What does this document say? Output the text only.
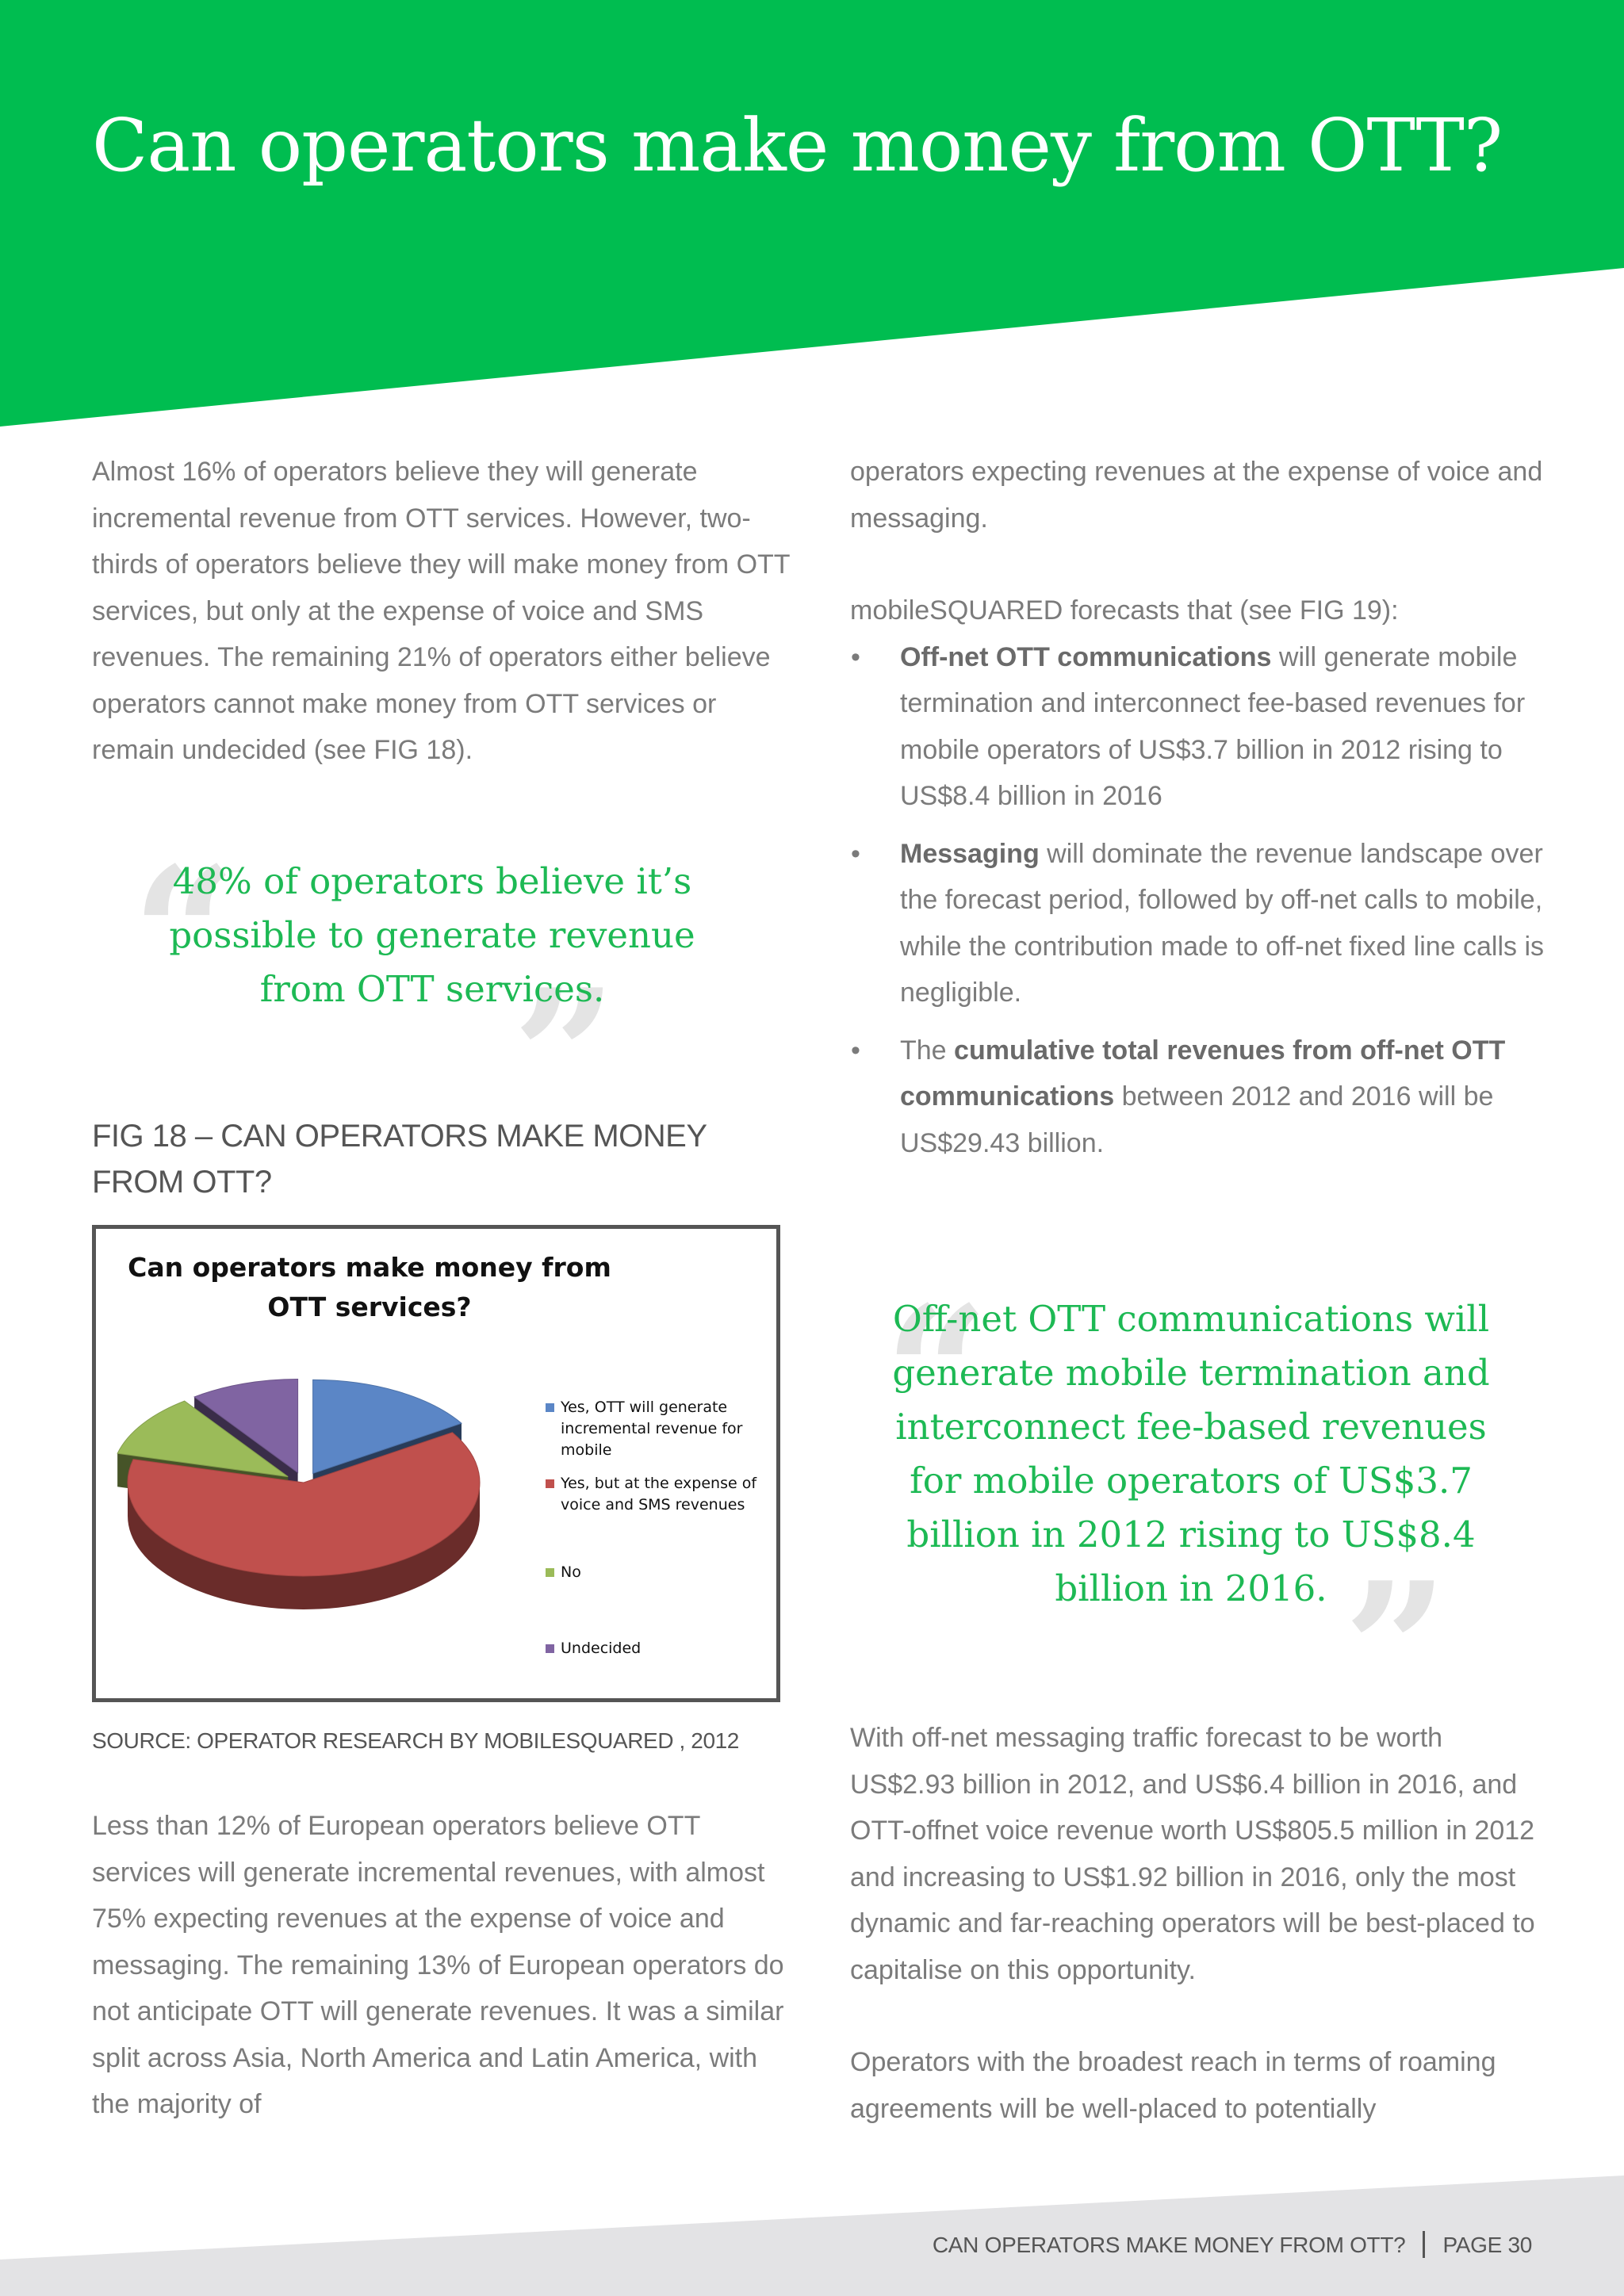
Can operators make money from OTT?

Almost 16% of operators believe they will generate incremental revenue from OTT services. However, two-thirds of operators believe they will make money from OTT services, but only at the expense of voice and SMS revenues. The remaining 21% of operators either believe operators cannot make money from OTT services or remain undecided (see FIG 18).

“

48% of operators believe it’s possible to generate revenue from OTT services.

”
FIG 18 – CAN OPERATORS MAKE MONEY FROM OTT?

Can operators make money from OTT services?

Yes, OTT will generate incremental revenue for mobile
Yes, but at the expense of voice and SMS revenues
No
Undecided

SOURCE: OPERATOR RESEARCH BY MOBILESQUARED , 2012

Less than 12% of European operators believe OTT services will generate incremental revenues, with almost 75% expecting revenues at the expense of voice and messaging. The remaining 13% of European operators do not anticipate OTT will generate revenues. It was a similar split across Asia, North America and Latin America, with the majority of

operators expecting revenues at the expense of voice and messaging.

mobileSQUARED forecasts that (see FIG 19):

• Off-net OTT communications will generate mobile termination and interconnect fee-based revenues for mobile operators of US$3.7 billion in 2012 rising to US$8.4 billion in 2016
• Messaging will dominate the revenue landscape over the forecast period, followed by off-net calls to mobile, while the contribution made to off-net fixed line calls is negligible.
• The cumulative total revenues from off-net OTT communications between 2012 and 2016 will be US$29.43 billion.
“

Off-net OTT communications will generate mobile termination and interconnect fee-based revenues for mobile operators of US$3.7 billion in 2012 rising to US$8.4 billion in 2016. ”

With off-net messaging traffic forecast to be worth US$2.93 billion in 2012, and US$6.4 billion in 2016, and OTT-offnet voice revenue worth US$805.5 million in 2012 and increasing to US$1.92 billion in 2016, only the most dynamic and far-reaching operators will be best-placed to capitalise on this opportunity.

Operators with the broadest reach in terms of roaming agreements will be well-placed to potentially

CAN OPERATORS MAKE MONEY FROM OTT? PAGE 30
